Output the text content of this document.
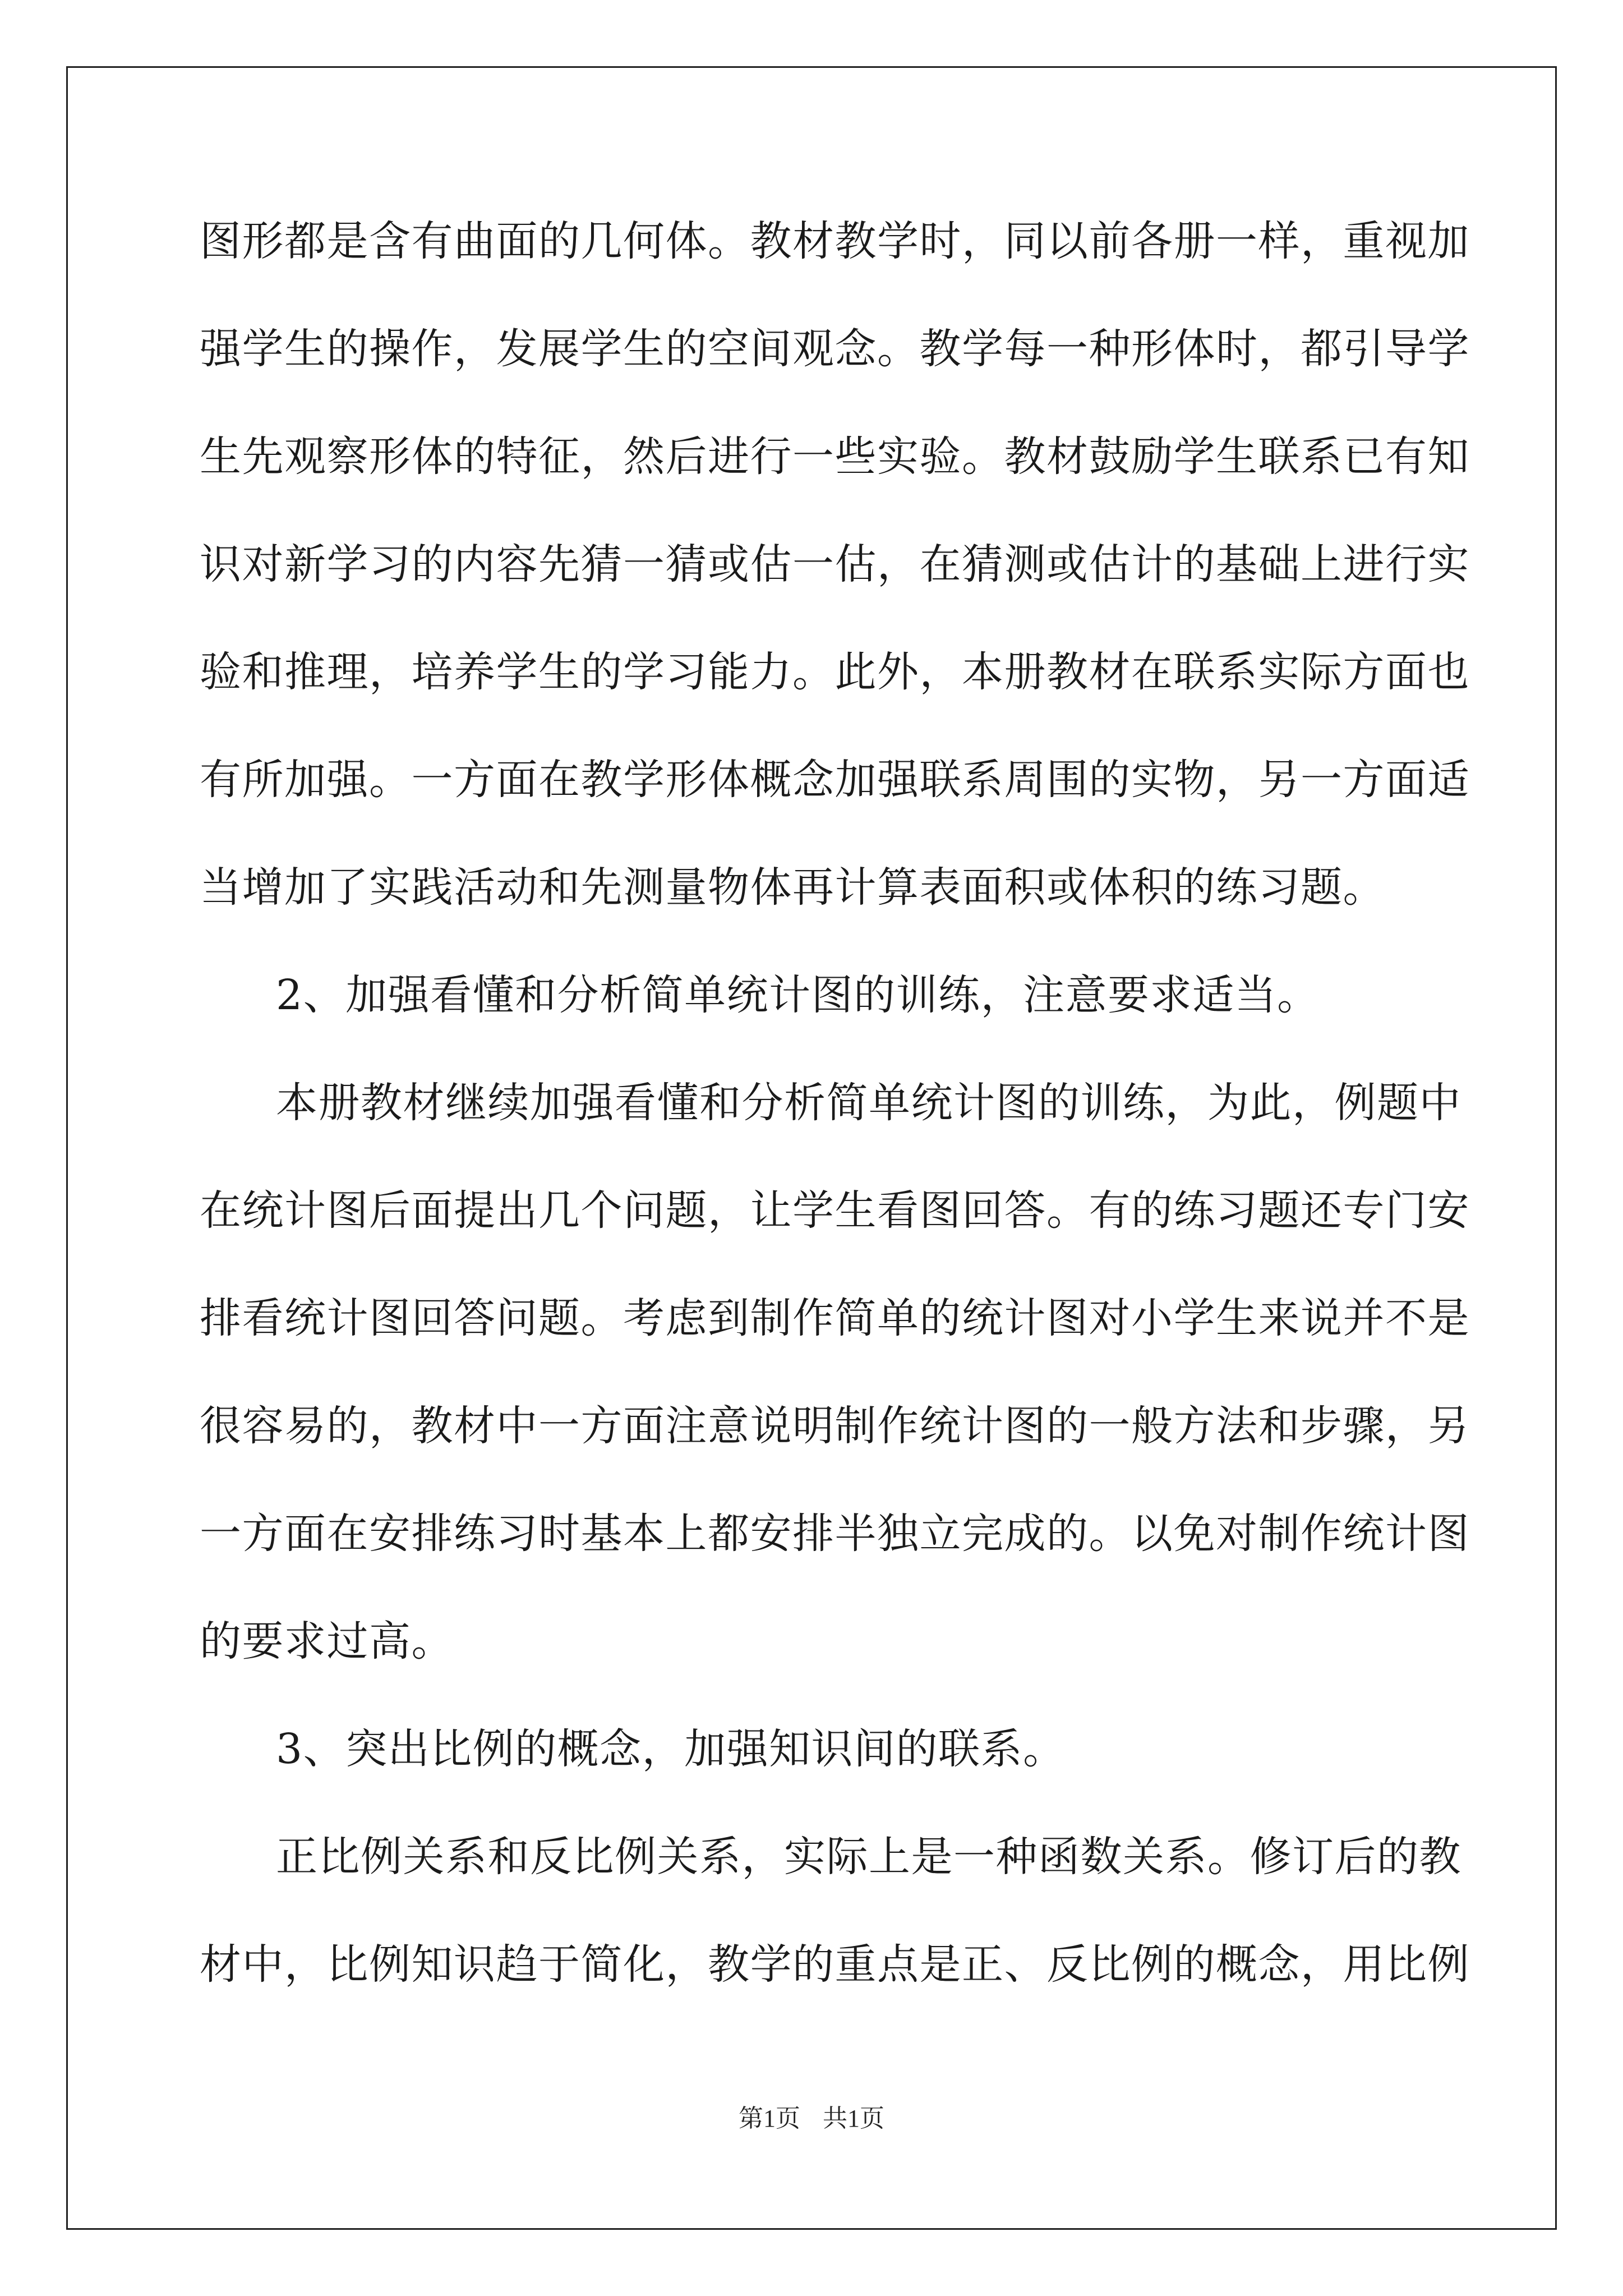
图形都是含有曲面的几何体。教材教学时，同以前各册一样，重视加
强学生的操作，发展学生的空间观念。教学每一种形体时，都引导学
生先观察形体的特征，然后进行一些实验。教材鼓励学生联系已有知
识对新学习的内容先猜一猜或估一估，在猜测或估计的基础上进行实
验和推理，培养学生的学习能力。此外，本册教材在联系实际方面也
有所加强。一方面在教学形体概念加强联系周围的实物，另一方面适
当增加了实践活动和先测量物体再计算表面积或体积的练习题。
2、加强看懂和分析简单统计图的训练，注意要求适当。
本册教材继续加强看懂和分析简单统计图的训练，为此，例题中
在统计图后面提出几个问题，让学生看图回答。有的练习题还专门安
排看统计图回答问题。考虑到制作简单的统计图对小学生来说并不是
很容易的，教材中一方面注意说明制作统计图的一般方法和步骤，另
一方面在安排练习时基本上都安排半独立完成的。以免对制作统计图
的要求过高。
3、突出比例的概念，加强知识间的联系。
正比例关系和反比例关系，实际上是一种函数关系。修订后的教
材中，比例知识趋于简化，教学的重点是正、反比例的概念，用比例
第1页 共1页
